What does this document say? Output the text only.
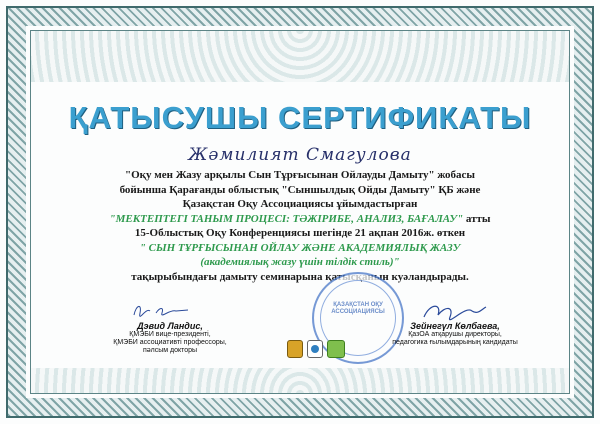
ҚАТЫСУШЫ СЕРТИФИКАТЫ
Жәмилият Смагулова
"Оқу мен Жазу арқылы Сын Тұрғысынан Ойлауды Дамыту" жобасы
бойынша Қарағанды облыстық "Сыншылдық Ойды Дамыту" ҚБ және
Қазақстан Оқу Ассоциациясы ұйымдастырған
"МЕКТЕПТЕГІ ТАНЫМ ПРОЦЕСІ: ТӘЖІРИБЕ, АНАЛИЗ, БАҒАЛАУ" атты
15-Облыстық Оқу Конференциясы шегінде 21 ақпан 2016ж. өткен
" СЫН ТҰРҒЫСЫНАН ОЙЛАУ ЖӘНЕ АКАДЕМИЯЛЫҚ ЖАЗУ
(академиялық жазу үшін тілдік стиль)"
тақырыбындағы дамыту семинарына қатысқанын куәландырады.
ҚАЗАҚСТАН ОҚУ АССОЦИАЦИЯСЫ
Дэвид Ландис,
ҚМЭБИ вице-президенті,
ҚМЭБИ ассоциативті профессоры,
пәлсым докторы
Зейнегүл Көлбаева,
ҚазОА атқарушы директоры,
педагогика ғылымдарының кандидаты
